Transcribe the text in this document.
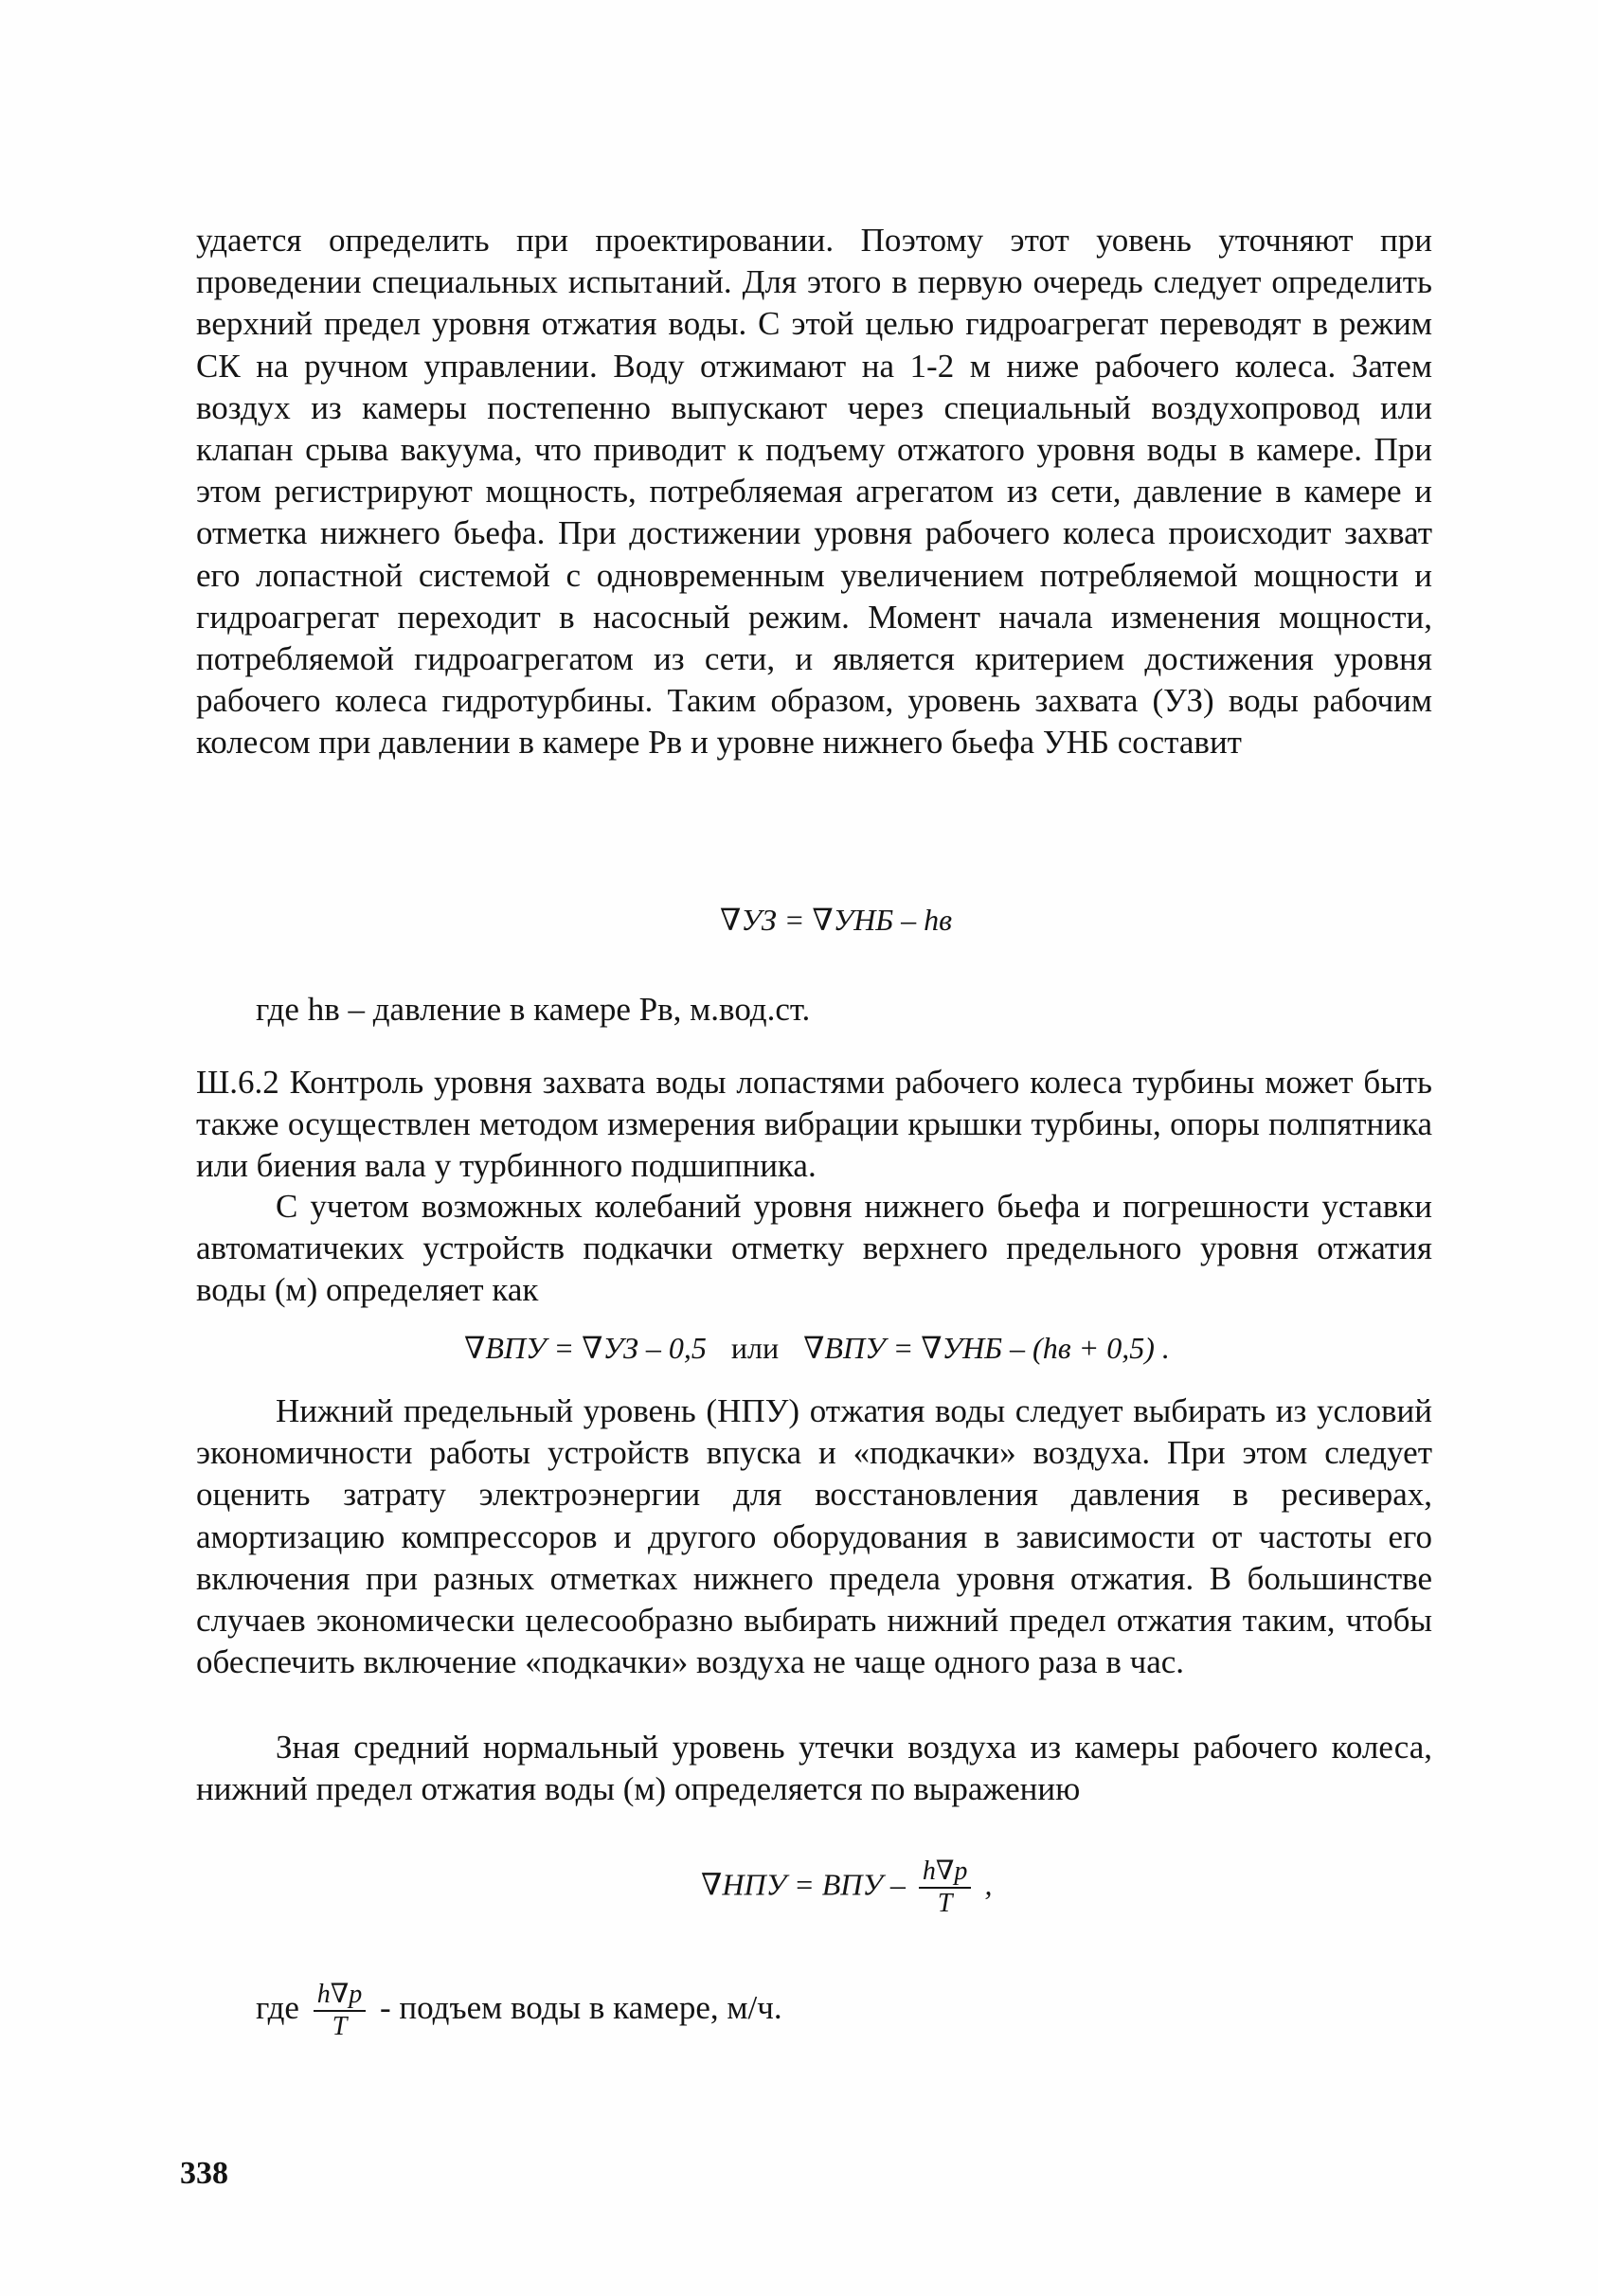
удается определить при проектировании. Поэтому этот уовень уточняют при проведении специальных испытаний. Для этого в первую очередь следует определить верхний предел уровня отжатия воды. С этой целью гидроагрегат переводят в режим СК на ручном управлении. Воду отжимают на 1-2 м ниже рабочего колеса. Затем воздух из камеры постепенно выпускают через специальный воздухопровод или клапан срыва вакуума, что приводит к подъему отжатого уровня воды в камере. При этом регистрируют мощность, потребляемая агрегатом из сети, давление в камере и отметка нижнего бьефа. При достижении уровня рабочего колеса происходит захват его лопастной системой с одновременным увеличением потребляемой мощности и гидроагрегат переходит в насосный режим. Момент начала изменения мощности, потребляемой гидроагрегатом из сети, и является критерием достижения уровня рабочего колеса гидротурбины. Таким образом, уровень захвата (УЗ) воды рабочим колесом при давлении в камере Pв и уровне нижнего бьефа УНБ составит
∇УЗ = ∇УНБ – hв
где hв – давление в камере Pв, м.вод.ст.
Ш.6.2 Контроль уровня захвата воды лопастями рабочего колеса турбины может быть также осуществлен методом измерения вибрации крышки турбины, опоры полпятника или биения вала у турбинного подшипника.
С учетом возможных колебаний уровня нижнего бьефа и погрешности уставки автоматичеких устройств подкачки отметку верхнего предельного уровня отжатия воды (м) определяет как
∇ВПУ = ∇УЗ – 0,5 или ∇ВПУ = ∇УНБ – (hв + 0,5) .
Нижний предельный уровень (НПУ) отжатия воды следует выбирать из условий экономичности работы устройств впуска и «подкачки» воздуха. При этом следует оценить затрату электроэнергии для восстановления давления в ресиверах, амортизацию компрессоров и другого оборудования в зависимости от частоты его включения при разных отметках нижнего предела уровня отжатия. В большинстве случаев экономически целесообразно выбирать нижний предел отжатия таким, чтобы обеспечить включение «подкачки» воздуха не чаще одного раза в час.
Зная средний нормальный уровень утечки воздуха из камеры рабочего колеса, нижний предел отжатия воды (м) определяется по выражению
∇НПУ = ВПУ – $\frac{h\nabla p}{T}$ ,
где $\frac{h\nabla p}{T}$ - подъем воды в камере, м/ч.
338
